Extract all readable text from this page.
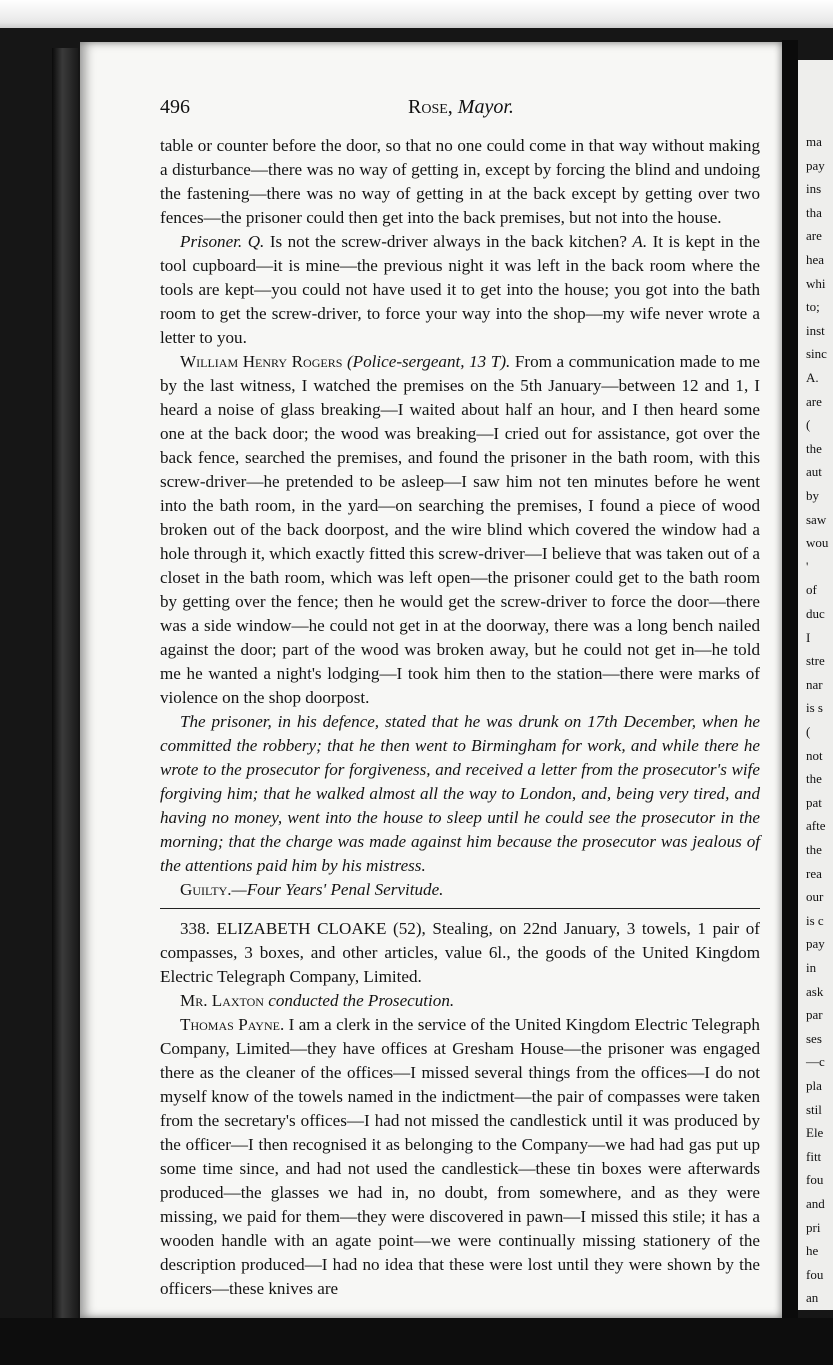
ma
pay
ins
tha
are
hea
whi
to;
inst
sinc
A.
are
(
the
aut
by
saw
wou
'
of
duc
I
stre
nar
is s
(
not
the
pat
afte
the
rea
our
is c
pay
in
ask
par
ses
—c
pla
stil
Ele
fitt
fou
and
pri
he
fou
an
496	Rose, Mayor.

table or counter before the door, so that no one could come in that way without making a disturbance—there was no way of getting in, except by forcing the blind and undoing the fastening—there was no way of getting in at the back except by getting over two fences—the prisoner could then get into the back premises, but not into the house.

Prisoner. Q. Is not the screw-driver always in the back kitchen? A. It is kept in the tool cupboard—it is mine—the previous night it was left in the back room where the tools are kept—you could not have used it to get into the house; you got into the bath room to get the screw-driver, to force your way into the shop—my wife never wrote a letter to you.

William Henry Rogers (Police-sergeant, 13 T). From a communication made to me by the last witness, I watched the premises on the 5th January—between 12 and 1, I heard a noise of glass breaking—I waited about half an hour, and I then heard some one at the back door; the wood was breaking—I cried out for assistance, got over the back fence, searched the premises, and found the prisoner in the bath room, with this screw-driver—he pretended to be asleep—I saw him not ten minutes before he went into the bath room, in the yard—on searching the premises, I found a piece of wood broken out of the back doorpost, and the wire blind which covered the window had a hole through it, which exactly fitted this screw-driver—I believe that was taken out of a closet in the bath room, which was left open—the prisoner could get to the bath room by getting over the fence; then he would get the screw-driver to force the door—there was a side window—he could not get in at the doorway, there was a long bench nailed against the door; part of the wood was broken away, but he could not get in—he told me he wanted a night's lodging—I took him then to the station—there were marks of violence on the shop doorpost.

The prisoner, in his defence, stated that he was drunk on 17th December, when he committed the robbery; that he then went to Birmingham for work, and while there he wrote to the prosecutor for forgiveness, and received a letter from the prosecutor's wife forgiving him; that he walked almost all the way to London, and, being very tired, and having no money, went into the house to sleep until he could see the prosecutor in the morning; that the charge was made against him because the prosecutor was jealous of the attentions paid him by his mistress.

Guilty.—Four Years' Penal Servitude.

338. ELIZABETH CLOAKE (52), Stealing, on 22nd January, 3 towels, 1 pair of compasses, 3 boxes, and other articles, value 6l., the goods of the United Kingdom Electric Telegraph Company, Limited.

Mr. Laxton conducted the Prosecution.

Thomas Payne. I am a clerk in the service of the United Kingdom Electric Telegraph Company, Limited—they have offices at Gresham House—the prisoner was engaged there as the cleaner of the offices—I missed several things from the offices—I do not myself know of the towels named in the indictment—the pair of compasses were taken from the secretary's offices—I had not missed the candlestick until it was produced by the officer—I then recognised it as belonging to the Company—we had had gas put up some time since, and had not used the candlestick—these tin boxes were afterwards produced—the glasses we had in, no doubt, from somewhere, and as they were missing, we paid for them—they were discovered in pawn—I missed this stile; it has a wooden handle with an agate point—we were continually missing stationery of the description produced—I had no idea that these were lost until they were shown by the officers—these knives are
